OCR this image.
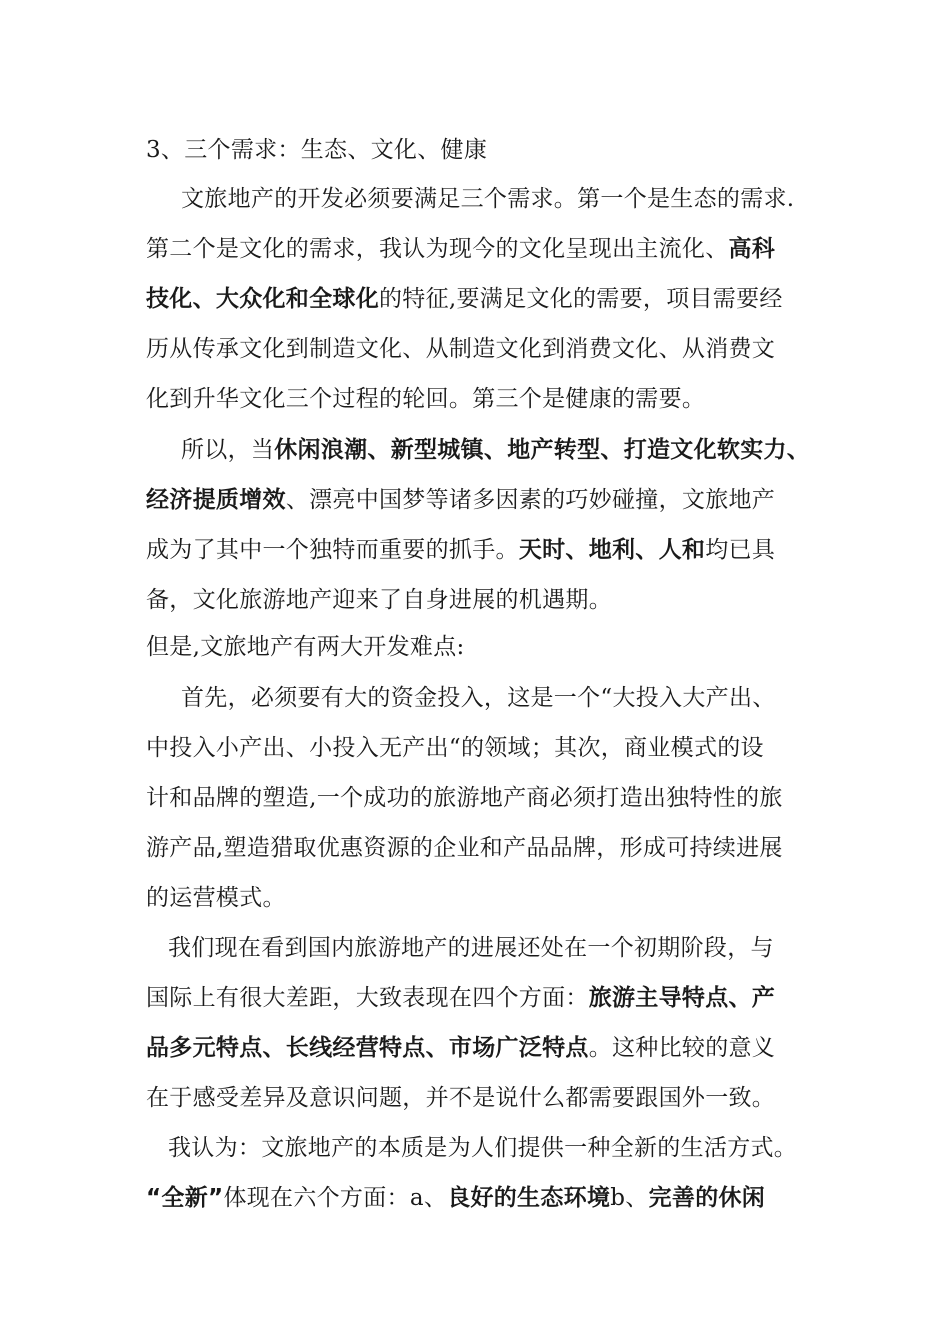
3、三个需求：生态、文化、健康
文旅地产的开发必须要满足三个需求。第一个是生态的需求.
第二个是文化的需求，我认为现今的文化呈现出主流化、高科
技化、大众化和全球化的特征,要满足文化的需要，项目需要经
历从传承文化到制造文化、从制造文化到消费文化、从消费文
化到升华文化三个过程的轮回。第三个是健康的需要。
所以，当休闲浪潮、新型城镇、地产转型、打造文化软实力、
经济提质增效、漂亮中国梦等诸多因素的巧妙碰撞，文旅地产
成为了其中一个独特而重要的抓手。天时、地利、人和均已具
备，文化旅游地产迎来了自身进展的机遇期。
但是,文旅地产有两大开发难点:
首先，必须要有大的资金投入，这是一个“大投入大产出、
中投入小产出、小投入无产出“的领域；其次，商业模式的设
计和品牌的塑造,一个成功的旅游地产商必须打造出独特性的旅
游产品,塑造猎取优惠资源的企业和产品品牌，形成可持续进展
的运营模式。
我们现在看到国内旅游地产的进展还处在一个初期阶段，与
国际上有很大差距，大致表现在四个方面：旅游主导特点、产
品多元特点、长线经营特点、市场广泛特点。这种比较的意义
在于感受差异及意识问题，并不是说什么都需要跟国外一致。
我认为：文旅地产的本质是为人们提供一种全新的生活方式。
“全新”体现在六个方面：a、良好的生态环境b、完善的休闲
